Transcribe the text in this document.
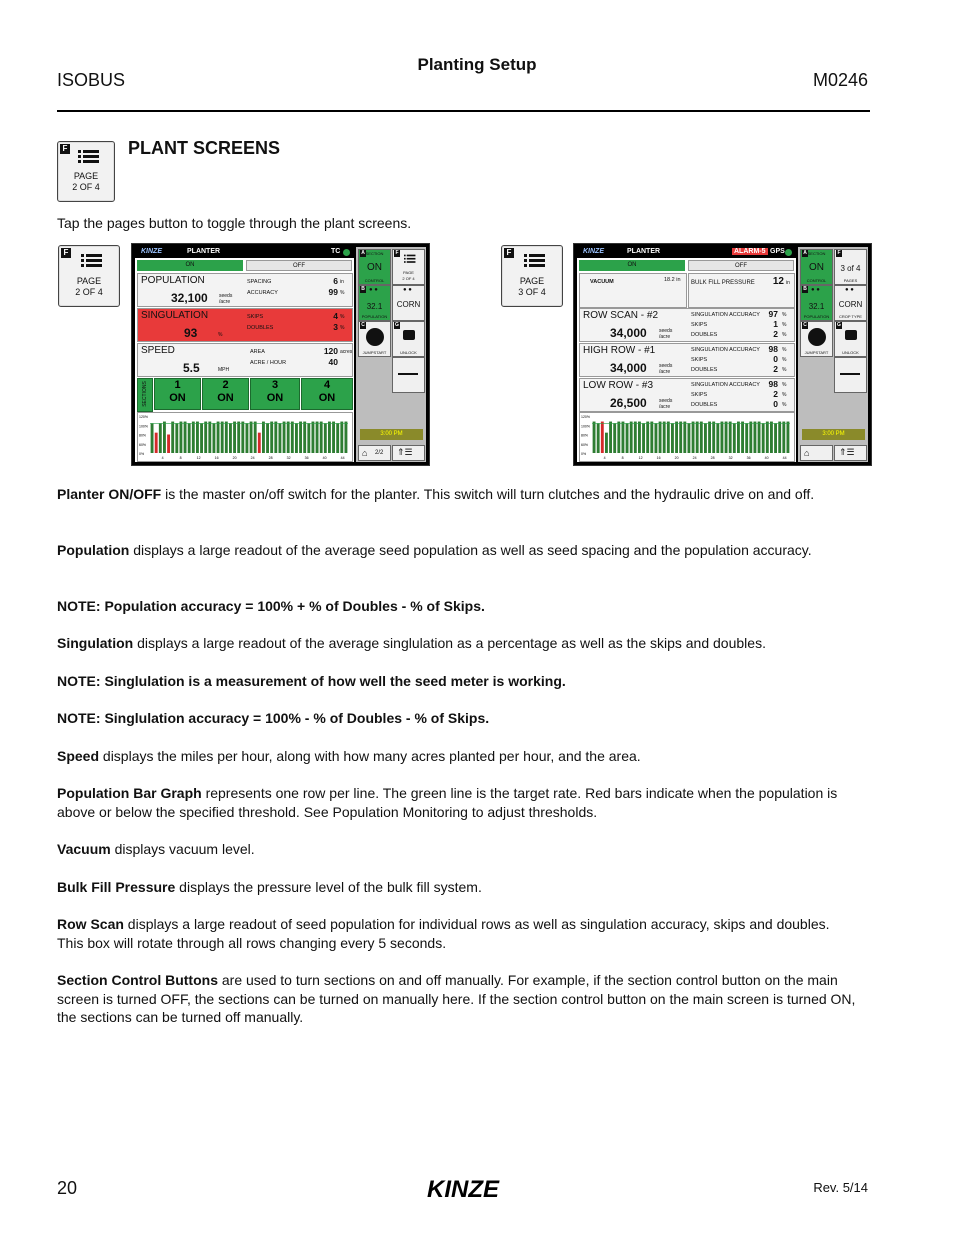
ISOBUS
Planting Setup
M0246
F
PAGE
2 OF 4
PLANT SCREENS
Tap the pages button to toggle through the plant screens.
F
PAGE
2 OF 4
KINZE	PLANTER	TC
ON	OFF
POPULATION
32,100 seeds /acre
SPACING	6 in
ACCURACY	99 %
SINGULATION
93	%
SKIPS	4 %
DOUBLES	3 %
SPEED
5.5	MPH
AREA	120 acres
ACRE / HOUR	40
SECTIONS	1
ON
2
ON
3
ON
4
ON
120%
100%
80%
60%
0%
4	8	12	16	20	24	28	32	36	40	44
A SECTION
ON
CONTROL
F
PAGE
2 OF 4
B ● ●
32.1
POPULATION
● ●
CORN
C
JUMPSTART
G
UNLOCK
3:00 PM
⌂ 2/2 ⇑☰
F
PAGE
3 OF 4
KINZE	PLANTER	ALARM-5 GPS
ON	OFF
VACUUM	18.2 in BULK FILL PRESSURE	12 in
ROW SCAN - #2
34,000 seeds /acre
SINGULATION ACCURACY	97 %
SKIPS	1 %
DOUBLES	2 %
HIGH ROW - #1
34,000 seeds /acre
SINGULATION ACCURACY	98 %
SKIPS	0 %
DOUBLES	2 %
LOW ROW - #3
26,500 seeds /acre
SINGULATION ACCURACY	98 %
SKIPS	2 %
DOUBLES	0 %
120%
100%
80%
60%
0%
4	8	12	16	20	24	28	32	36	40	44
A SECTION
ON
CONTROL
F
3 of 4
PAGES
B ● ●
32.1
POPULATION
● ●
CORN
CROP TYPE
C
JUMPSTART
G
UNLOCK
3:00 PM
⌂	⇑☰
Planter ON/OFF is the master on/off switch for the planter. This switch will turn clutches and the hydraulic drive on and off.
Population displays a large readout of the average seed population as well as seed spacing and the population accuracy.
NOTE: Population accuracy = 100% + % of Doubles - % of Skips.
Singulation displays a large readout of the average singlulation as a percentage as well as the skips and doubles.
NOTE: Singlulation is a measurement of how well the seed meter is working.
NOTE: Singlulation accuracy = 100% - % of Doubles - % of Skips.
Speed displays the miles per hour, along with how many acres planted per hour, and the area.
Population Bar Graph represents one row per line. The green line is the target rate. Red bars indicate when the population is above or below the specified threshold. See Population Monitoring to adjust thresholds.
Vacuum displays vacuum level.
Bulk Fill Pressure displays the pressure level of the bulk fill system.
Row Scan displays a large readout of seed population for individual rows as well as singulation accuracy, skips and doubles. This box will rotate through all rows changing every 5 seconds.
Section Control Buttons are used to turn sections on and off manually. For example, if the section control button on the main screen is turned OFF, the sections can be turned on manually here. If the section control button on the main screen is turned ON, the sections can be turned off manually.
20	KINZE	Rev. 5/14
